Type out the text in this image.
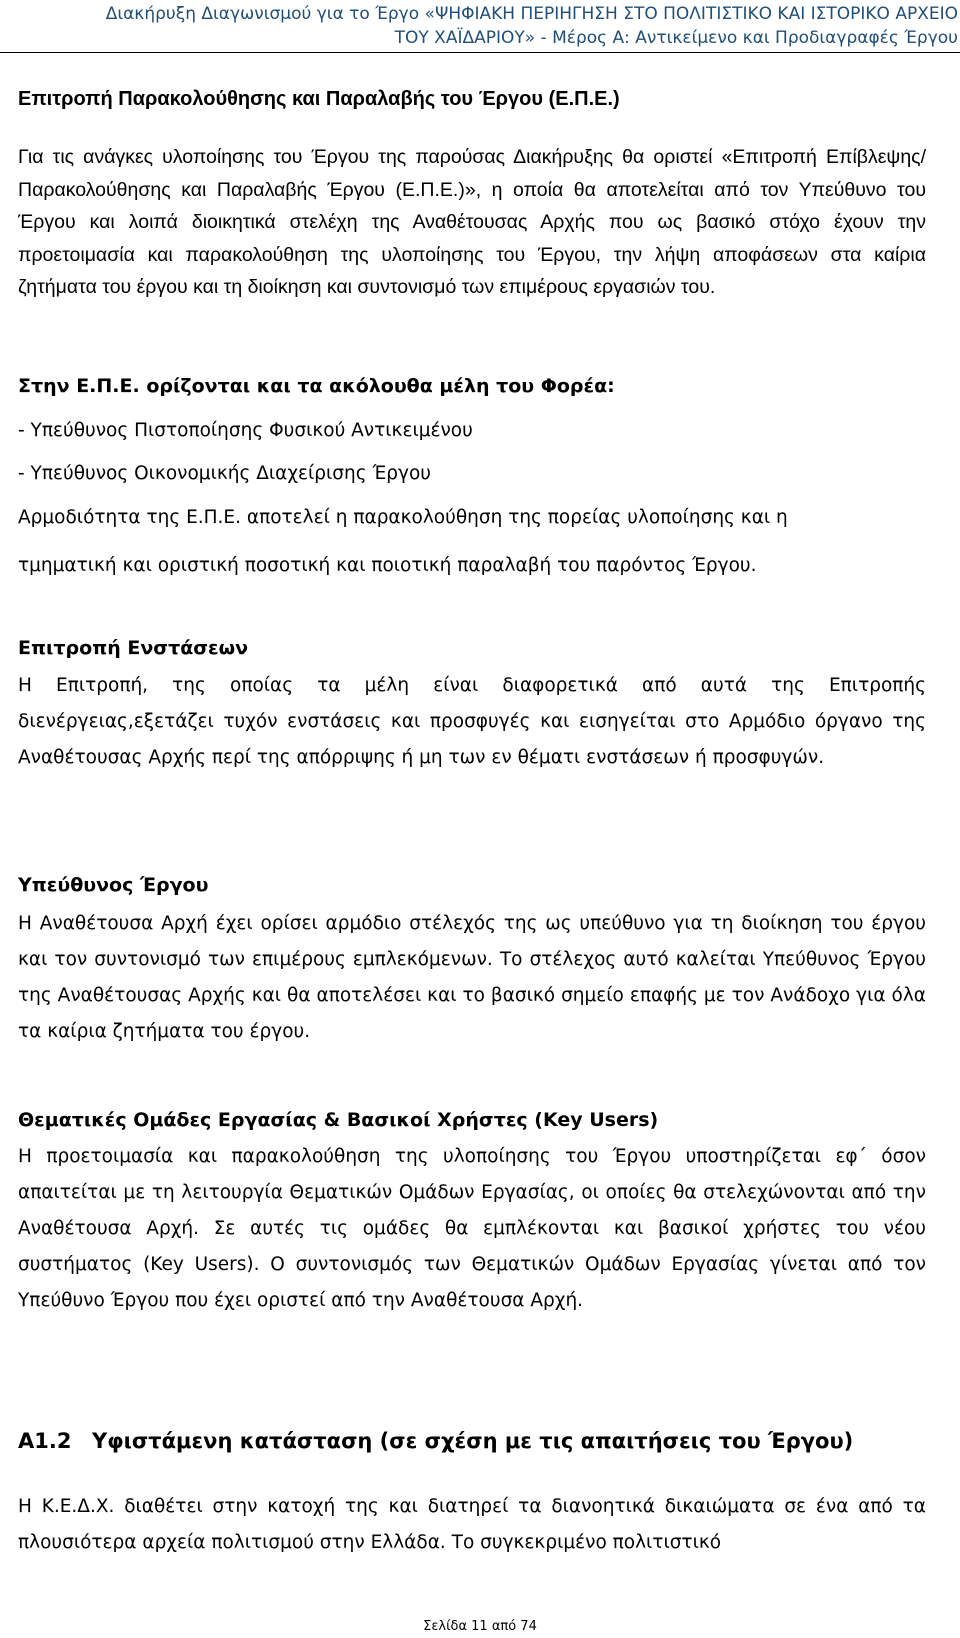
Διακήρυξη Διαγωνισμού για το Έργο «ΨΗΦΙΑΚΗ ΠΕΡΙΗΓΗΣΗ ΣΤΟ ΠΟΛΙΤΙΣΤΙΚΟ ΚΑΙ ΙΣΤΟΡΙΚΟ ΑΡΧΕΙΟ
ΤΟΥ ΧΑΪΔΑΡΙΟΥ» - Μέρος Α: Αντικείμενο και Προδιαγραφές Έργου
Επιτροπή Παρακολούθησης και Παραλαβής του Έργου (Ε.Π.Ε.)
Για τις ανάγκες υλοποίησης του Έργου της παρούσας Διακήρυξης θα οριστεί «Επιτροπή Επίβλεψης/Παρακολούθησης και Παραλαβής Έργου (Ε.Π.Ε.)», η οποία θα αποτελείται από τον Υπεύθυνο του Έργου και λοιπά διοικητικά στελέχη της Αναθέτουσας Αρχής που ως βασικό στόχο έχουν την προετοιμασία και παρακολούθηση της υλοποίησης του Έργου, την λήψη αποφάσεων στα καίρια ζητήματα του έργου και τη διοίκηση και συντονισμό των επιμέρους εργασιών του.
Στην Ε.Π.Ε. ορίζονται και τα ακόλουθα μέλη του Φορέα:
- Υπεύθυνος Πιστοποίησης Φυσικού Αντικειμένου
- Υπεύθυνος Οικονομικής Διαχείρισης Έργου
Αρμοδιότητα της Ε.Π.Ε. αποτελεί η παρακολούθηση της πορείας υλοποίησης και η
τμηματική και οριστική ποσοτική και ποιοτική παραλαβή του παρόντος Έργου.
Επιτροπή Ενστάσεων
Η Επιτροπή, της οποίας τα μέλη είναι διαφορετικά από αυτά της Επιτροπής διενέργειας,εξετάζει τυχόν ενστάσεις και προσφυγές και εισηγείται στο Αρμόδιο όργανο της Αναθέτουσας Αρχής περί της απόρριψης ή μη των εν θέματι ενστάσεων ή προσφυγών.
Υπεύθυνος Έργου
Η Αναθέτουσα Αρχή έχει ορίσει αρμόδιο στέλεχός της ως υπεύθυνο για τη διοίκηση του έργου και τον συντονισμό των επιμέρους εμπλεκόμενων. Το στέλεχος αυτό καλείται Υπεύθυνος Έργου της Αναθέτουσας Αρχής και θα αποτελέσει και το βασικό σημείο επαφής με τον Ανάδοχο για όλα τα καίρια ζητήματα του έργου.
Θεματικές Ομάδες Εργασίας & Βασικοί Χρήστες (Key Users)
Η προετοιμασία και παρακολούθηση της υλοποίησης του Έργου υποστηρίζεται εφ΄ όσον απαιτείται με τη λειτουργία Θεματικών Ομάδων Εργασίας, οι οποίες θα στελεχώνονται από την Αναθέτουσα Αρχή. Σε αυτές τις ομάδες θα εμπλέκονται και βασικοί χρήστες του νέου συστήματος (Key Users). Ο συντονισμός των Θεματικών Ομάδων Εργασίας γίνεται από τον Υπεύθυνο Έργου που έχει οριστεί από την Αναθέτουσα Αρχή.
Α1.2 Υφιστάμενη κατάσταση (σε σχέση με τις απαιτήσεις του Έργου)
Η Κ.Ε.Δ.Χ. διαθέτει στην κατοχή της και διατηρεί τα διανοητικά δικαιώματα σε ένα από τα πλουσιότερα αρχεία πολιτισμού στην Ελλάδα. Το συγκεκριμένο πολιτιστικό
Σελίδα 11 από 74
